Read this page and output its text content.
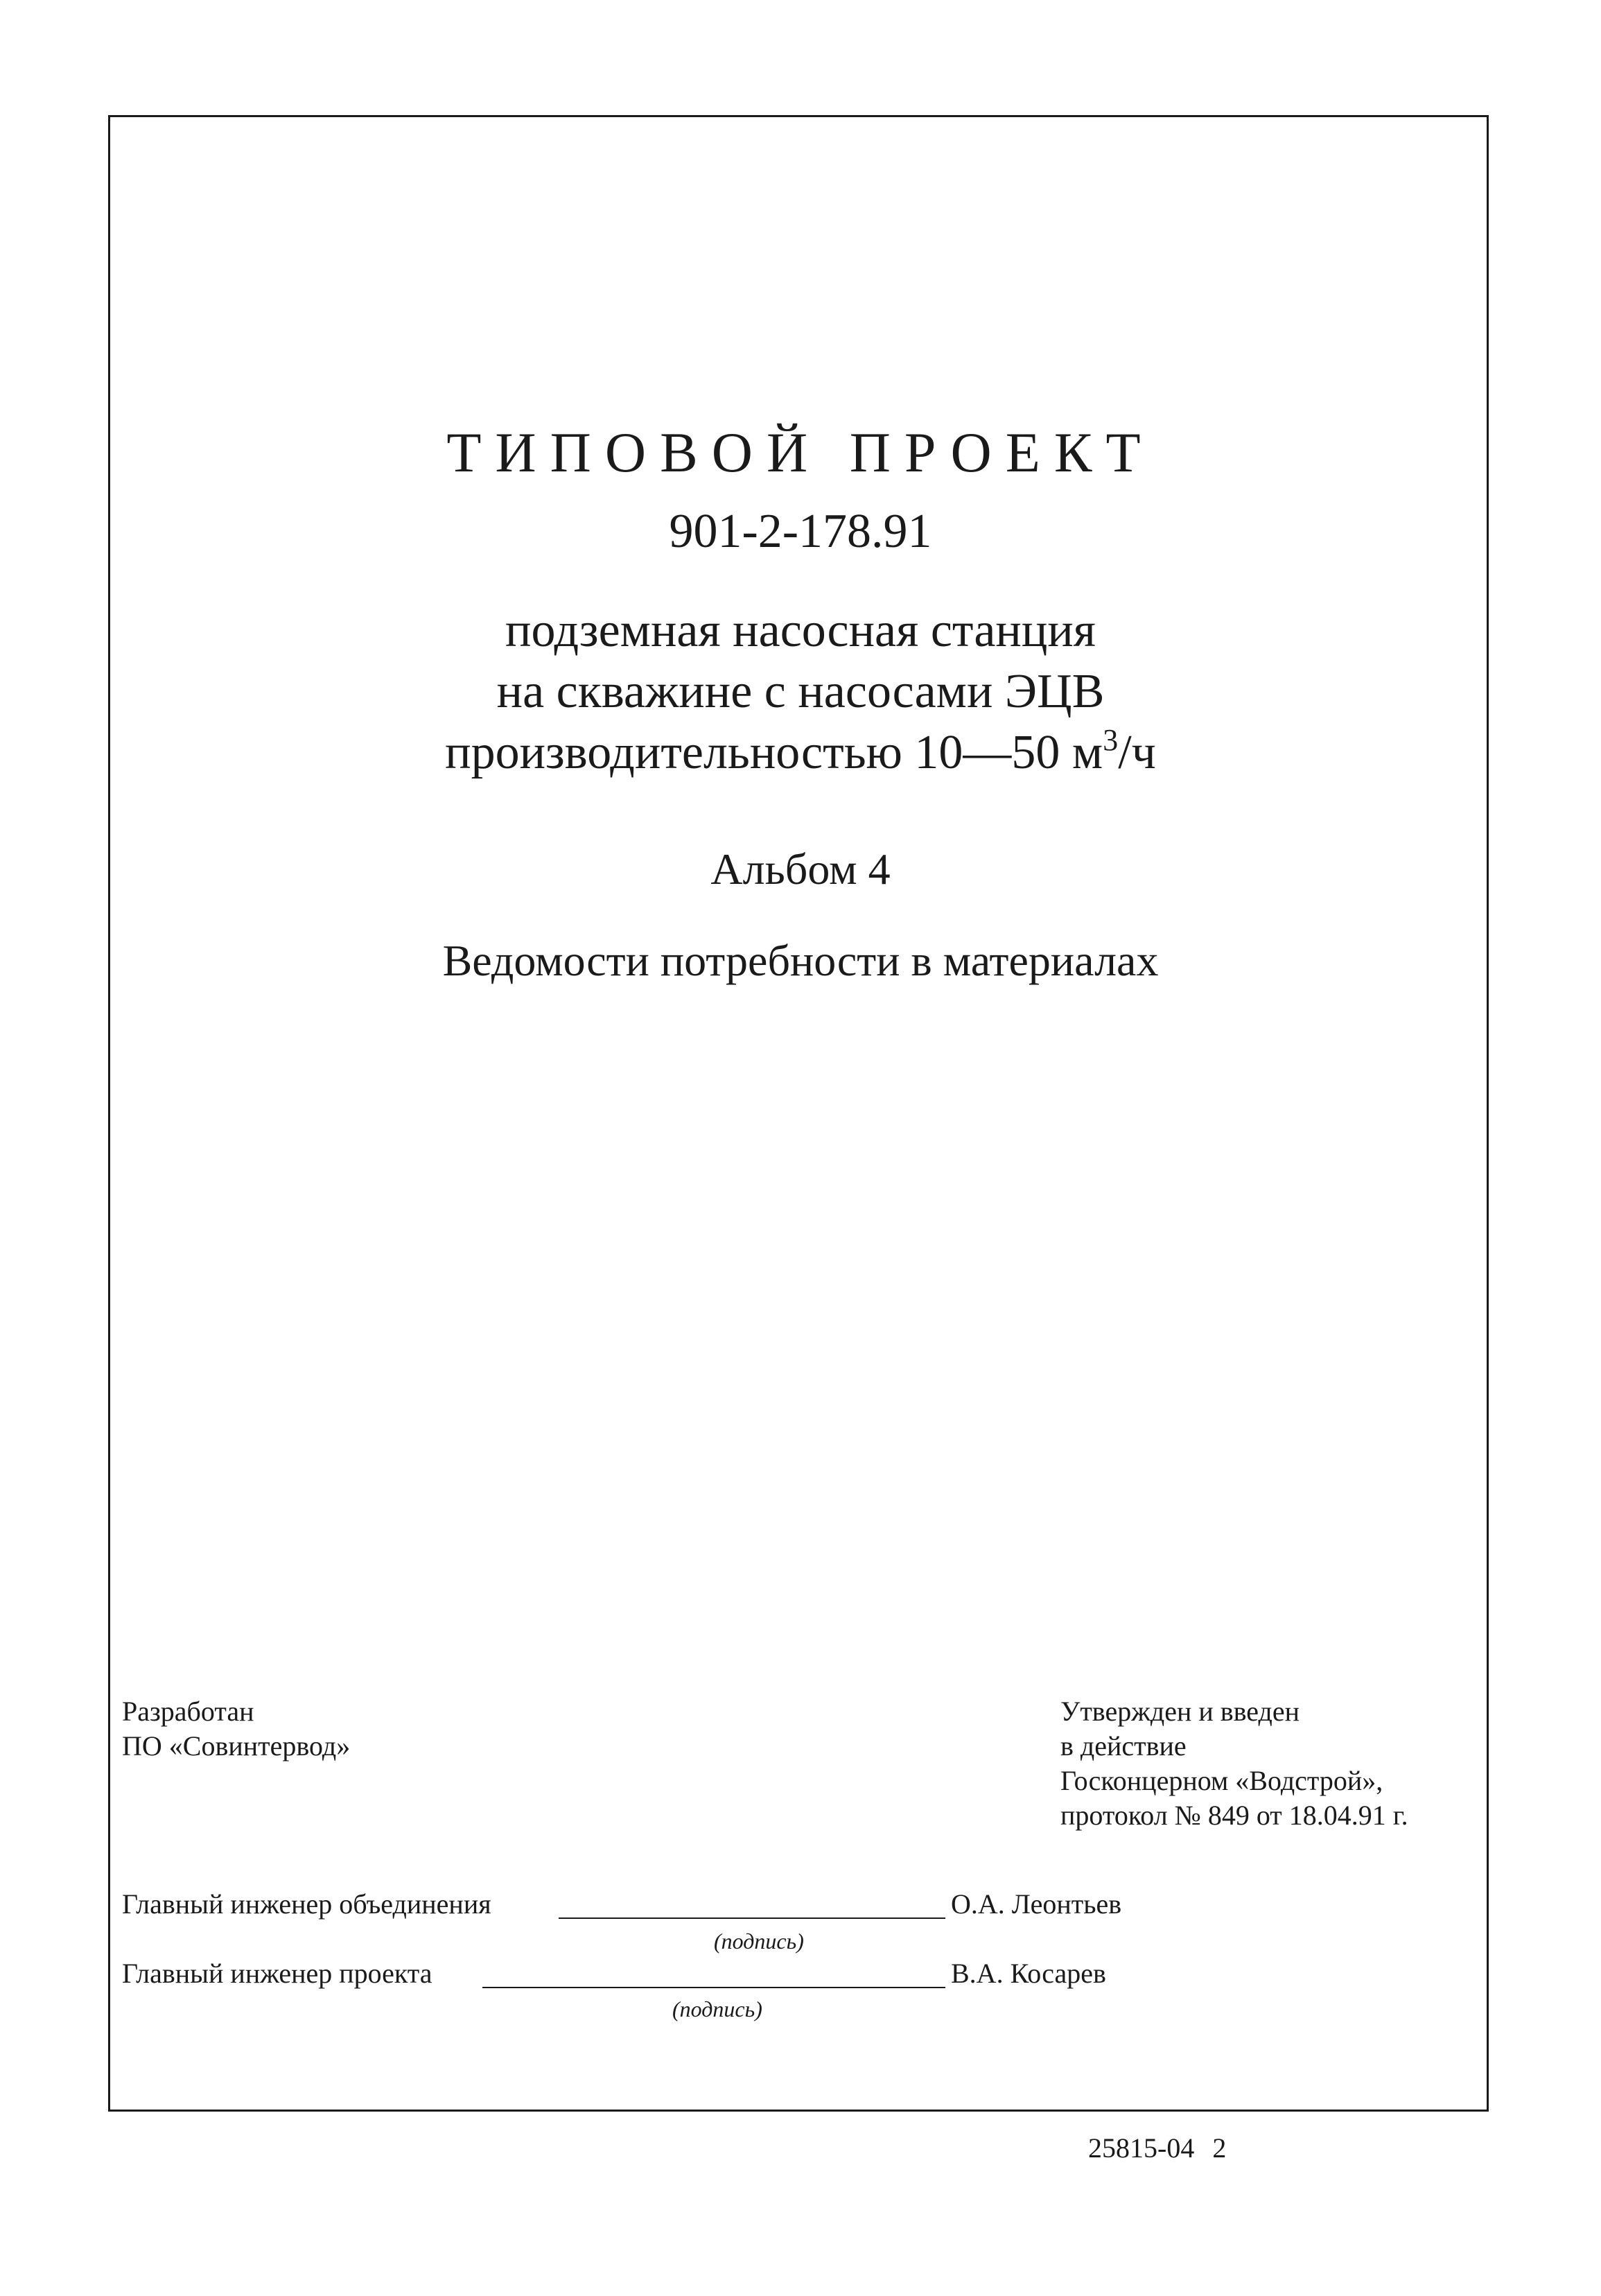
ТИПОВОЙ ПРОЕКТ
901-2-178.91
подземная насосная станция
на скважине с насосами ЭЦВ
производительностью 10—50 $м^3/ч$
Альбом 4
Ведомости потребности в материалах
Разработан
ПО «Совинтервод»
Утвержден и введен
в действие
Госконцерном «Водстрой»,
протокол № 849 от 18.04.91 г.
Главный инженер объединения	О.А. Леонтьев
(подпись)
Главный инженер проекта	В.А. Косарев
(подпись)
25815-04 2
